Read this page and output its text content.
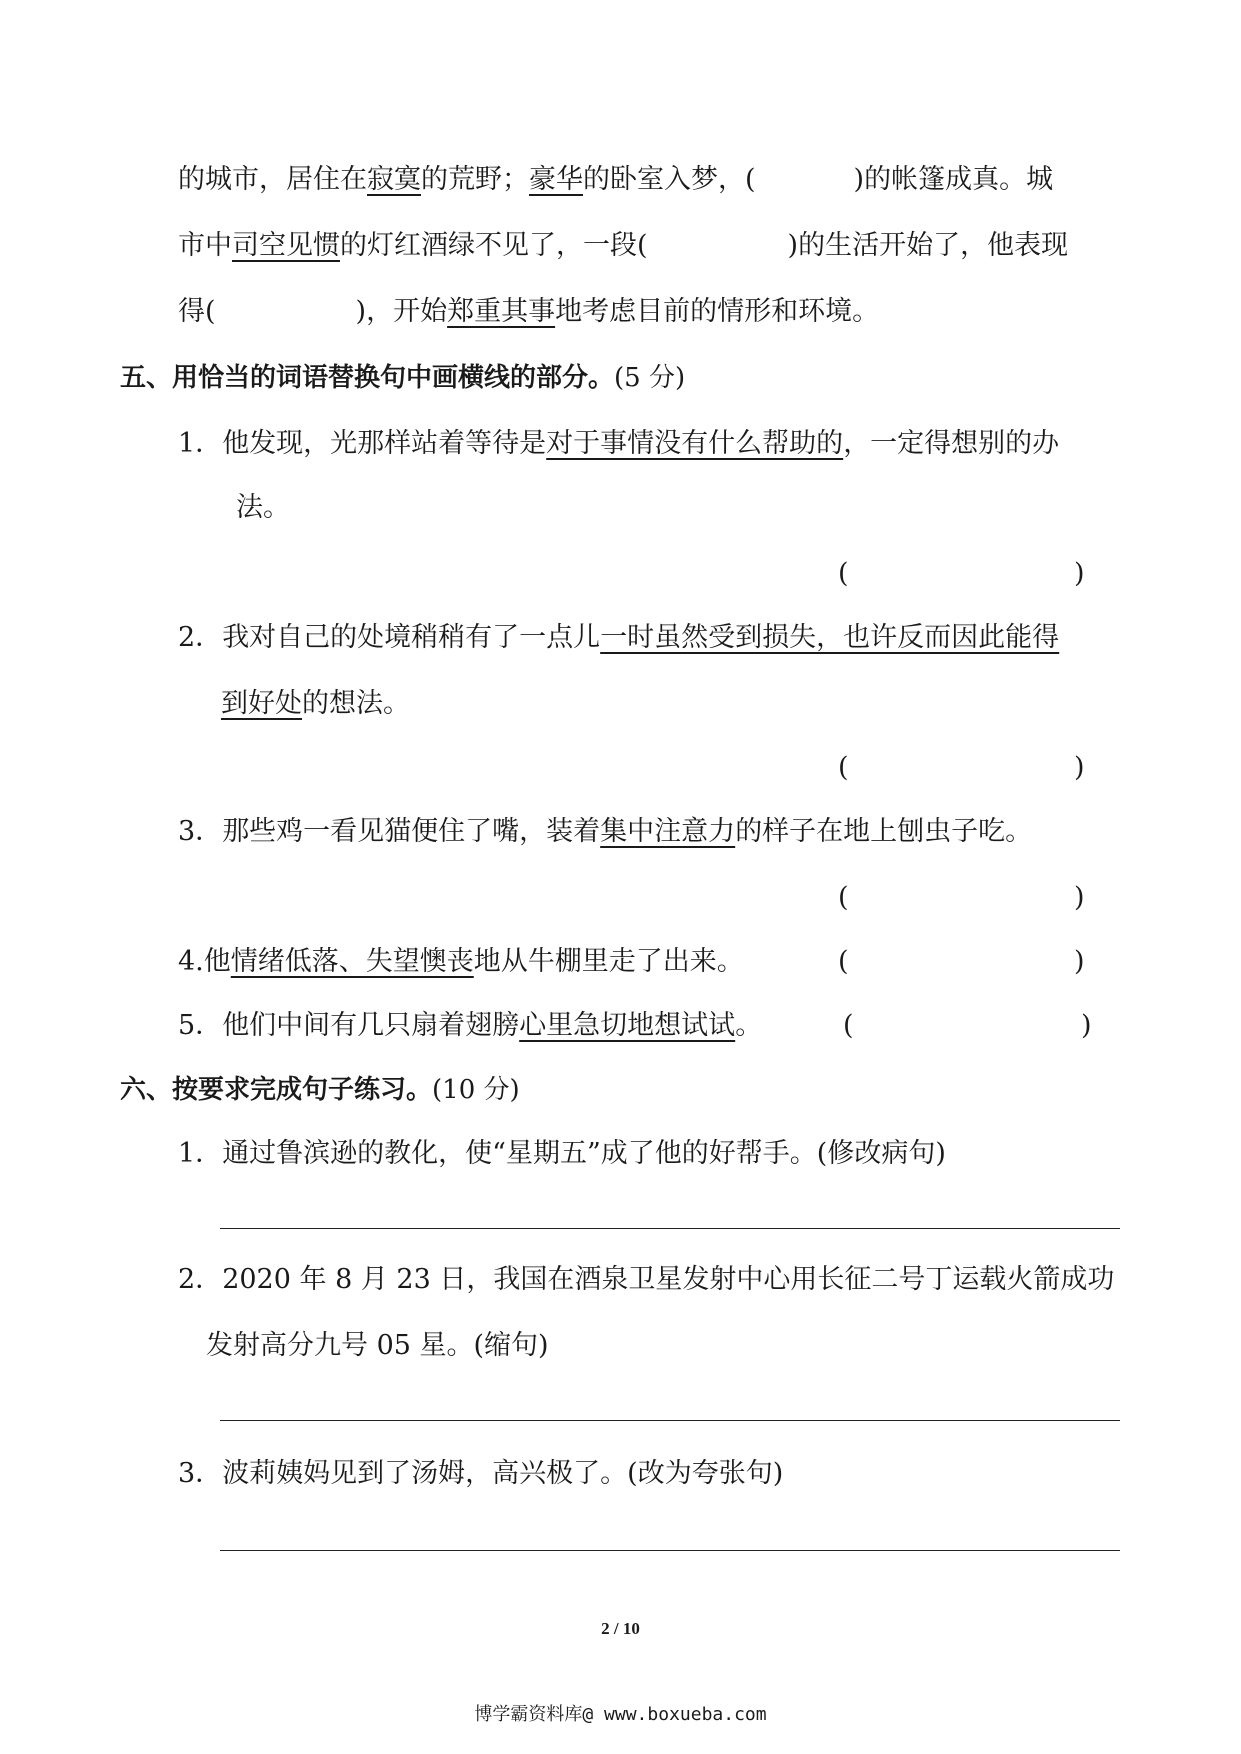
的城市，居住在寂寞的荒野；豪华的卧室入梦，(	)的帐篷成真。城
市中司空见惯的灯红酒绿不见了，一段(	)的生活开始了，他表现
得(	)，开始郑重其事地考虑目前的情形和环境。
五、用恰当的词语替换句中画横线的部分。(5 分)
1．他发现，光那样站着等待是对于事情没有什么帮助的，一定得想别的办
法。
(	)
2．我对自己的处境稍稍有了一点儿一时虽然受到损失，也许反而因此能得
到好处的想法。
(	)
3．那些鸡一看见猫便住了嘴，装着集中注意力的样子在地上刨虫子吃。
(	)
4.他情绪低落、失望懊丧地从牛棚里走了出来。	(	)
5．他们中间有几只扇着翅膀心里急切地想试试。	(	)
六、按要求完成句子练习。(10 分)
1．通过鲁滨逊的教化，使“星期五”成了他的好帮手。(修改病句)
2．2020 年 8 月 23 日，我国在酒泉卫星发射中心用长征二号丁运载火箭成功
发射高分九号 05 星。(缩句)
3．波莉姨妈见到了汤姆，高兴极了。(改为夸张句)
2 / 10
博学霸资料库@ www.boxueba.com
